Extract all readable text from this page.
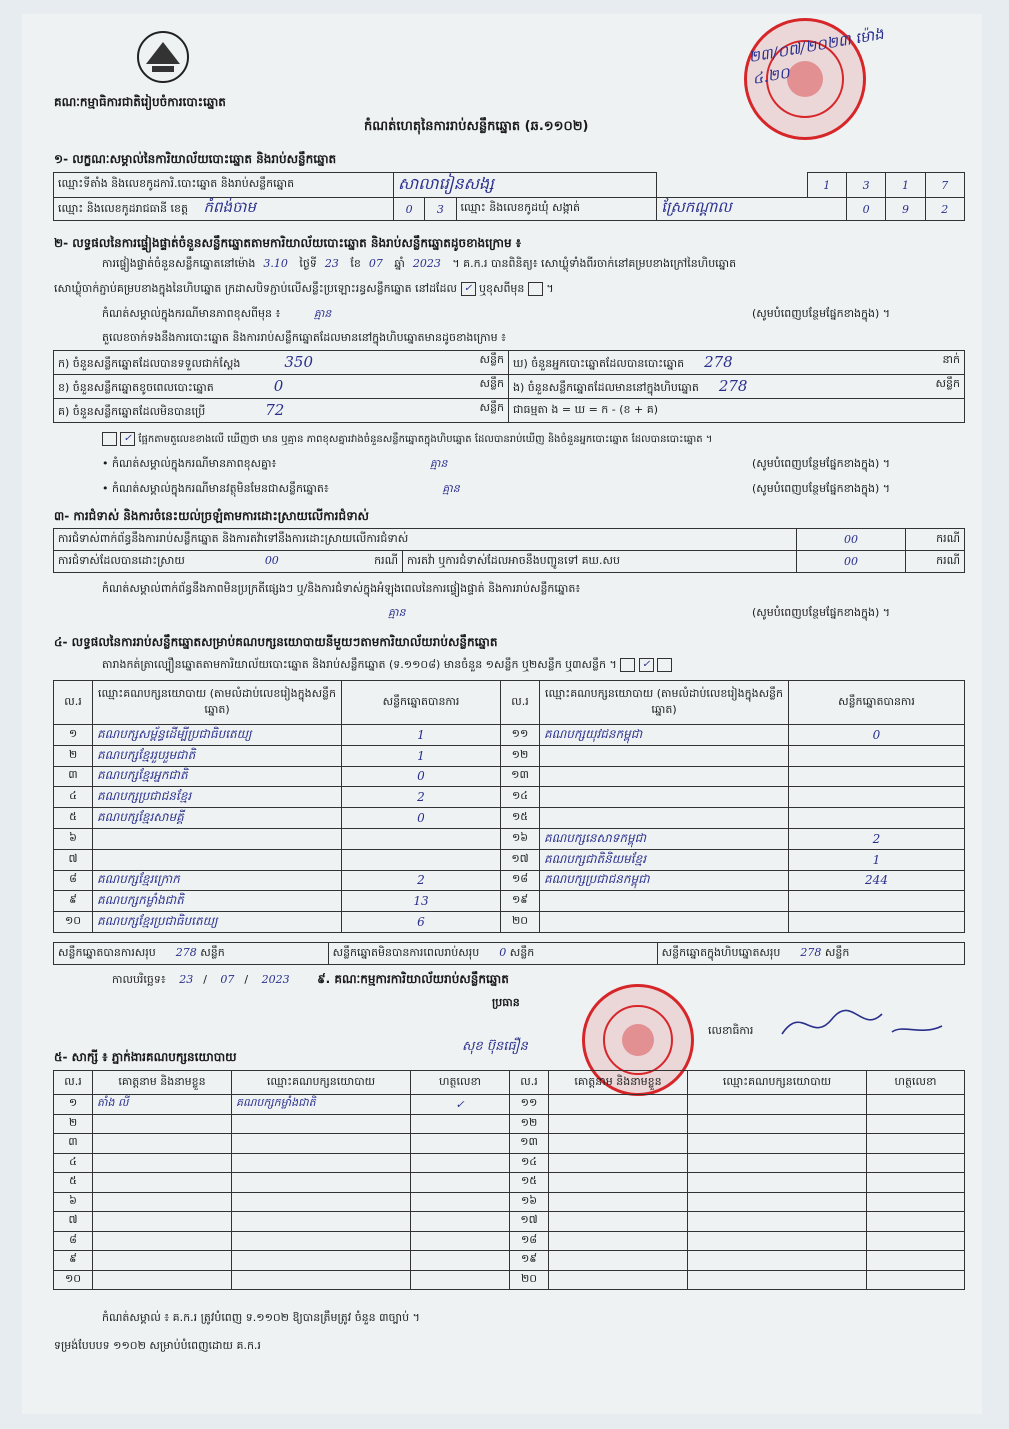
គណៈកម្មាធិការជាតិរៀបចំការបោះឆ្នោត
កំណត់ហេតុនៃការរាប់សន្លឹកឆ្នោត (ឆ.១១០២)
២៣/០៧/២០២៣ ម៉ោង ៤.២០
១- លក្ខណៈសម្គាល់នៃការិយាល័យបោះឆ្នោត និងរាប់សន្លឹកឆ្នោត
ឈ្មោះទីតាំង និងលេខកូដការិ.បោះឆ្នោត និងរាប់សន្លឹកឆ្នោត	សាលារៀនសង្ស				1	3	1	7
ឈ្មោះ និងលេខកូដរាជធានី ខេត្ត កំពង់ចាម	0	3	ឈ្មោះ និងលេខកូដឃុំ សង្កាត់	ស្រែកណ្តាល		0	9	2
២- លទ្ធផលនៃការផ្ទៀងផ្ទាត់ចំនួនសន្លឹកឆ្នោតតាមការិយាល័យបោះឆ្នោត និងរាប់សន្លឹកឆ្នោតដូចខាងក្រោម ៖
ការផ្ទៀងផ្ទាត់ចំនួនសន្លឹកឆ្នោតនៅម៉ោង 3.10 ថ្ងៃទី 23 ខែ 07 ឆ្នាំ 2023 ។ គ.ក.រ បានពិនិត្យ៖ សោឃ្លុំទាំងពីរចាក់នៅគម្របខាងក្រៅនៃហិបឆ្នោត
សោឃ្លុំចាក់ភ្ជាប់គម្របខាងក្នុងនៃហិបឆ្នោត ក្រដាសបិទភ្ជាប់លើសន្លឹះប្រឡោះរន្ធសន្លឹកឆ្នោត នៅដដែល ✓ ឬខុសពីមុន  ។
កំណត់សម្គាល់ក្នុងករណីមានភាពខុសពីមុន ៖	គ្មាន	(សូមបំពេញបន្ថែមផ្នែកខាងក្នុង) ។
តួលេខចាក់ទងនឹងការបោះឆ្នោត និងការរាប់សន្លឹកឆ្នោតដែលមាននៅក្នុងហិបឆ្នោតមានដូចខាងក្រោម ៖
ក) ចំនួនសន្លឹកឆ្នោតដែលបានទទួលជាក់ស្តែង 350 សន្លឹក	ឃ) ចំនួនអ្នកបោះឆ្នោតដែលបានបោះឆ្នោត 278 នាក់

ខ) ចំនួនសន្លឹកឆ្នោតខូចពេលបោះឆ្នោត 0 សន្លឹក	ង) ចំនួនសន្លឹកឆ្នោតដែលមាននៅក្នុងហិបឆ្នោត 278 សន្លឹក

គ) ចំនួនសន្លឹកឆ្នោតដែលមិនបានប្រើ 72 សន្លឹក	ជាធម្មតា ង = ឃ = ក - (ខ + គ)
✓ ផ្អែកតាមតួលេខខាងលើ ឃើញថា មាន ឬគ្មាន ភាពខុសគ្នារវាងចំនួនសន្លឹកឆ្នោតក្នុងហិបឆ្នោត ដែលបានរាប់ឃើញ និងចំនួនអ្នកបោះឆ្នោត ដែលបានបោះឆ្នោត ។
• កំណត់សម្គាល់ក្នុងករណីមានភាពខុសគ្នា៖	គ្មាន	(សូមបំពេញបន្ថែមផ្នែកខាងក្នុង) ។
• កំណត់សម្គាល់ក្នុងករណីមានវត្ថុមិនមែនជាសន្លឹកឆ្នោត៖	គ្មាន	(សូមបំពេញបន្ថែមផ្នែកខាងក្នុង) ។
៣- ការជំទាស់ និងការចំនេះយល់ច្រឡំតាមការដោះស្រាយលើការជំទាស់
ការជំទាស់ពាក់ព័ន្ធនឹងការរាប់សន្លឹកឆ្នោត និងការតវ៉ាទៅនឹងការដោះស្រាយលើការជំទាស់		00	ករណី
ការជំទាស់ដែលបានដោះស្រាយ 00 ករណី	ការតវ៉ា ឬការជំទាស់ដែលអាចនឹងបញ្ជូនទៅ គឃ.សប	00	ករណី
កំណត់សម្គាល់ពាក់ព័ន្ធនឹងភាពមិនប្រក្រតីផ្សេងៗ ឬ/និងការជំទាស់ក្នុងអំឡុងពេលនៃការផ្ទៀងផ្ទាត់ និងការរាប់សន្លឹកឆ្នោត៖
គ្មាន	(សូមបំពេញបន្ថែមផ្នែកខាងក្នុង) ។
៤- លទ្ធផលនៃការរាប់សន្លឹកឆ្នោតសម្រាប់គណបក្សនយោបាយនីមួយៗតាមការិយាល័យរាប់សន្លឹកឆ្នោត
តារាងកត់ត្រាល្បឿនឆ្នោតតាមការិយាល័យបោះឆ្នោត និងរាប់សន្លឹកឆ្នោត (ទ.១១០៨) មានចំនួន ១សន្លឹក ឬ២សន្លឹក ឬ៣សន្លឹក ។	✓
ល.រ	ឈ្មោះគណបក្សនយោបាយ (តាមលំដាប់លេខរៀងក្នុងសន្លឹកឆ្នោត)	សន្លឹកឆ្នោតបានការ	ល.រ	ឈ្មោះគណបក្សនយោបាយ (តាមលំដាប់លេខរៀងក្នុងសន្លឹកឆ្នោត)	សន្លឹកឆ្នោតបានការ
១	គណបក្សសម្ព័ន្ធដើម្បីប្រជាធិបតេយ្យ	1	១១	គណបក្សយុវជនកម្ពុជា	0
២	គណបក្សខ្មែររួបរួមជាតិ	1	១២		
៣	គណបក្សខ្មែរអ្នកជាតិ	0	១៣		
៤	គណបក្សប្រជាជនខ្មែរ	2	១៤		
៥	គណបក្សខ្មែរសាមគ្គី	0	១៥		
៦			១៦	គណបក្សនេសាទកម្ពុជា	2
៧			១៧	គណបក្សជាតិនិយមខ្មែរ	1
៨	គណបក្សខ្មែរក្រោក	2	១៨	គណបក្សប្រជាជនកម្ពុជា	244
៩	គណបក្សកម្លាំងជាតិ	13	១៩		
១០	គណបក្សខ្មែរប្រជាធិបតេយ្យ	6	២០		
សន្លឹកឆ្នោតបានការសរុប 278 សន្លឹក	សន្លឹកឆ្នោតមិនបានការពេលរាប់សរុប 0 សន្លឹក	សន្លឹកឆ្នោតក្នុងហិបឆ្នោតសរុប 278 សន្លឹក
កាលបរិច្ឆេទ៖ 23 / 07 / 2023 ៩. គណៈកម្មការការិយាល័យរាប់សន្លឹកឆ្នោត
ប្រធាន
សុខ ប៊ុនធឿន
លេខាធិការ
៥- សាក្សី ៖ ភ្នាក់ងារគណបក្សនយោបាយ
ល.រ	គោត្តនាម និងនាមខ្លួន	ឈ្មោះគណបក្សនយោបាយ	ហត្ថលេខា	ល.រ	គោត្តនាម និងនាមខ្លួន	ឈ្មោះគណបក្សនយោបាយ	ហត្ថលេខា
១	តាំង លី	គណបក្សកម្លាំងជាតិ	✓	១១			
២				១២			
៣				១៣			
៤				១៤			
៥				១៥			
៦				១៦			
៧				១៧			
៨				១៨			
៩				១៩			
១០				២០			
កំណត់សម្គាល់ ៖ គ.ក.រ ត្រូវបំពេញ ទ.១១០២ ឱ្យបានត្រឹមត្រូវ ចំនួន ៣ច្បាប់ ។
ទម្រង់បែបបទ ១១០២ សម្រាប់បំពេញដោយ គ.ក.រ
